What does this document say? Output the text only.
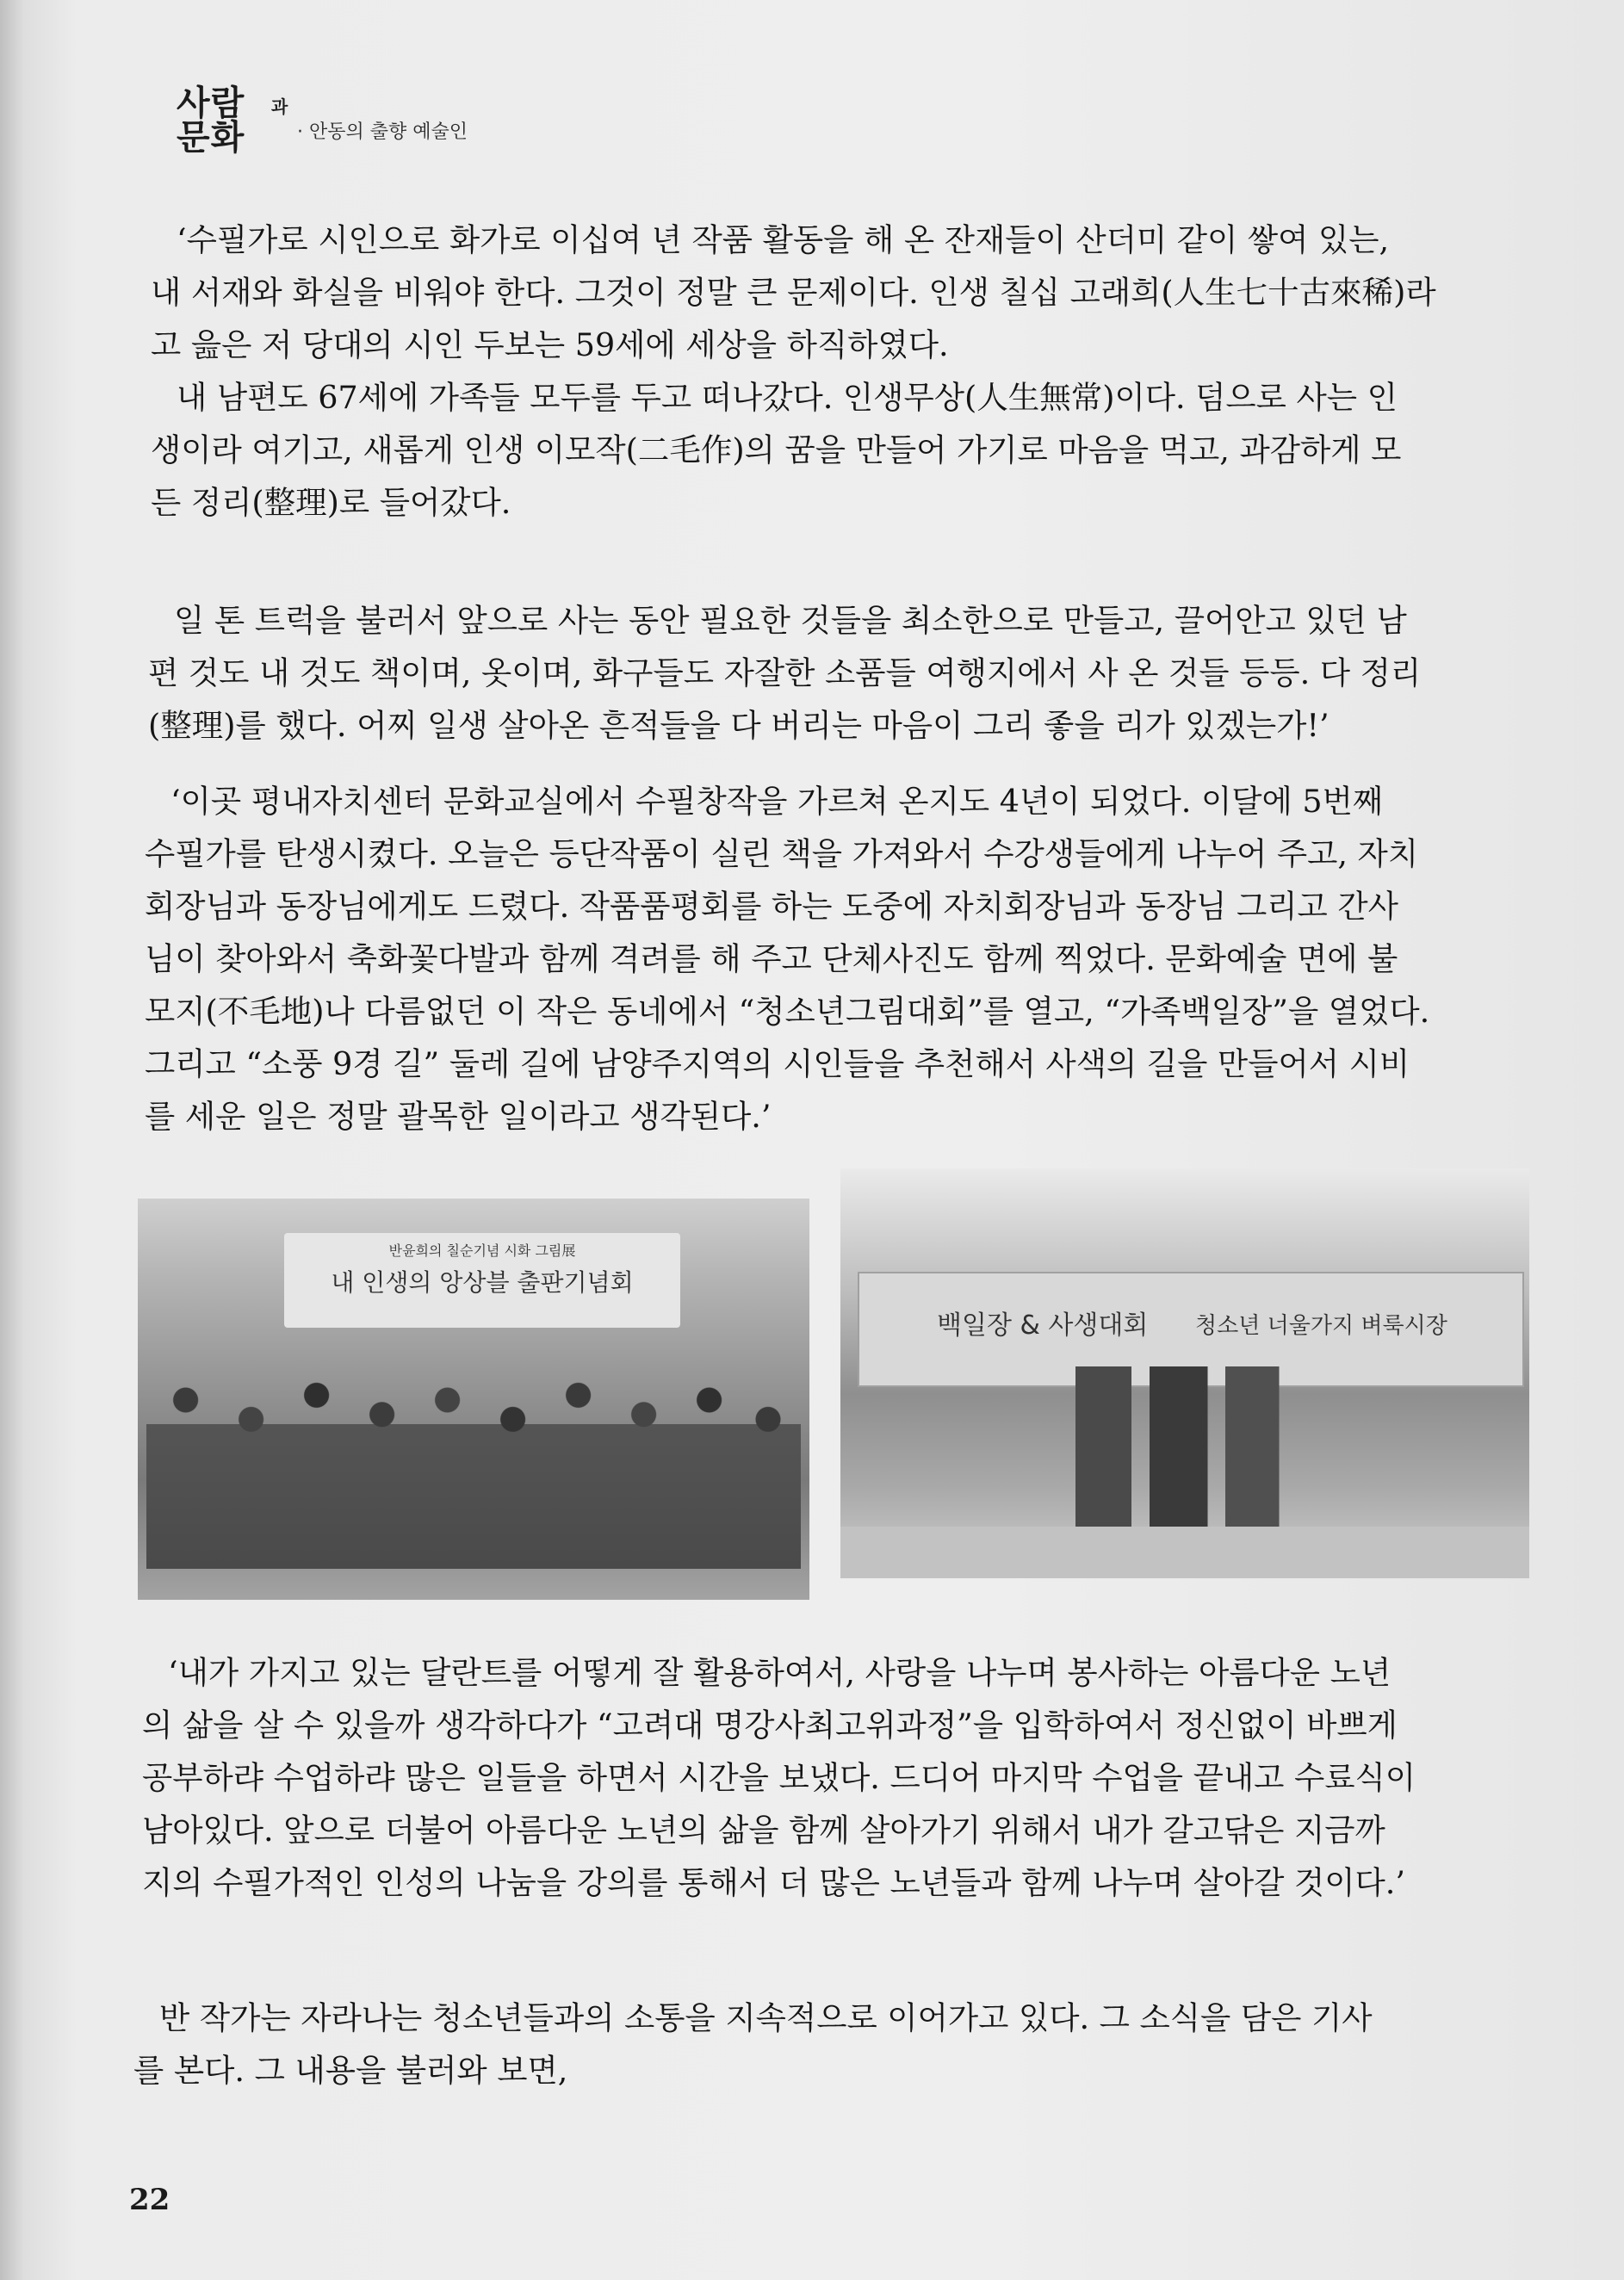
사람 과
문화	· 안동의 출향 예술인

‘수필가로 시인으로 화가로 이십여 년 작품 활동을 해 온 잔재들이 산더미 같이 쌓여 있는,

내 서재와 화실을 비워야 한다. 그것이 정말 큰 문제이다. 인생 칠십 고래희(人生七十古來稀)라

고 읊은 저 당대의 시인 두보는 59세에 세상을 하직하였다.

내 남편도 67세에 가족들 모두를 두고 떠나갔다. 인생무상(人生無常)이다. 덤으로 사는 인

생이라 여기고, 새롭게 인생 이모작(二毛作)의 꿈을 만들어 가기로 마음을 먹고, 과감하게 모

든 정리(整理)로 들어갔다.

일 톤 트럭을 불러서 앞으로 사는 동안 필요한 것들을 최소한으로 만들고, 끌어안고 있던 남

편 것도 내 것도 책이며, 옷이며, 화구들도 자잘한 소품들 여행지에서 사 온 것들 등등. 다 정리

(整理)를 했다. 어찌 일생 살아온 흔적들을 다 버리는 마음이 그리 좋을 리가 있겠는가!’

‘이곳 평내자치센터 문화교실에서 수필창작을 가르쳐 온지도 4년이 되었다. 이달에 5번째

수필가를 탄생시켰다. 오늘은 등단작품이 실린 책을 가져와서 수강생들에게 나누어 주고, 자치

회장님과 동장님에게도 드렸다. 작품품평회를 하는 도중에 자치회장님과 동장님 그리고 간사

님이 찾아와서 축화꽃다발과 함께 격려를 해 주고 단체사진도 함께 찍었다. 문화예술 면에 불

모지(不毛地)나 다름없던 이 작은 동네에서 “청소년그림대회”를 열고, “가족백일장”을 열었다.

그리고 “소풍 9경 길” 둘레 길에 남양주지역의 시인들을 추천해서 사색의 길을 만들어서 시비

를 세운 일은 정말 괄목한 일이라고 생각된다.’

반윤희의 칠순기념 시화 그림展
내 인생의 앙상블 출판기념회
백일장 & 사생대회 청소년 너울가지 벼룩시장

‘내가 가지고 있는 달란트를 어떻게 잘 활용하여서, 사랑을 나누며 봉사하는 아름다운 노년

의 삶을 살 수 있을까 생각하다가 “고려대 명강사최고위과정”을 입학하여서 정신없이 바쁘게

공부하랴 수업하랴 많은 일들을 하면서 시간을 보냈다. 드디어 마지막 수업을 끝내고 수료식이

남아있다. 앞으로 더불어 아름다운 노년의 삶을 함께 살아가기 위해서 내가 갈고닦은 지금까

지의 수필가적인 인성의 나눔을 강의를 통해서 더 많은 노년들과 함께 나누며 살아갈 것이다.’

반 작가는 자라나는 청소년들과의 소통을 지속적으로 이어가고 있다. 그 소식을 담은 기사

를 본다. 그 내용을 불러와 보면,

22
